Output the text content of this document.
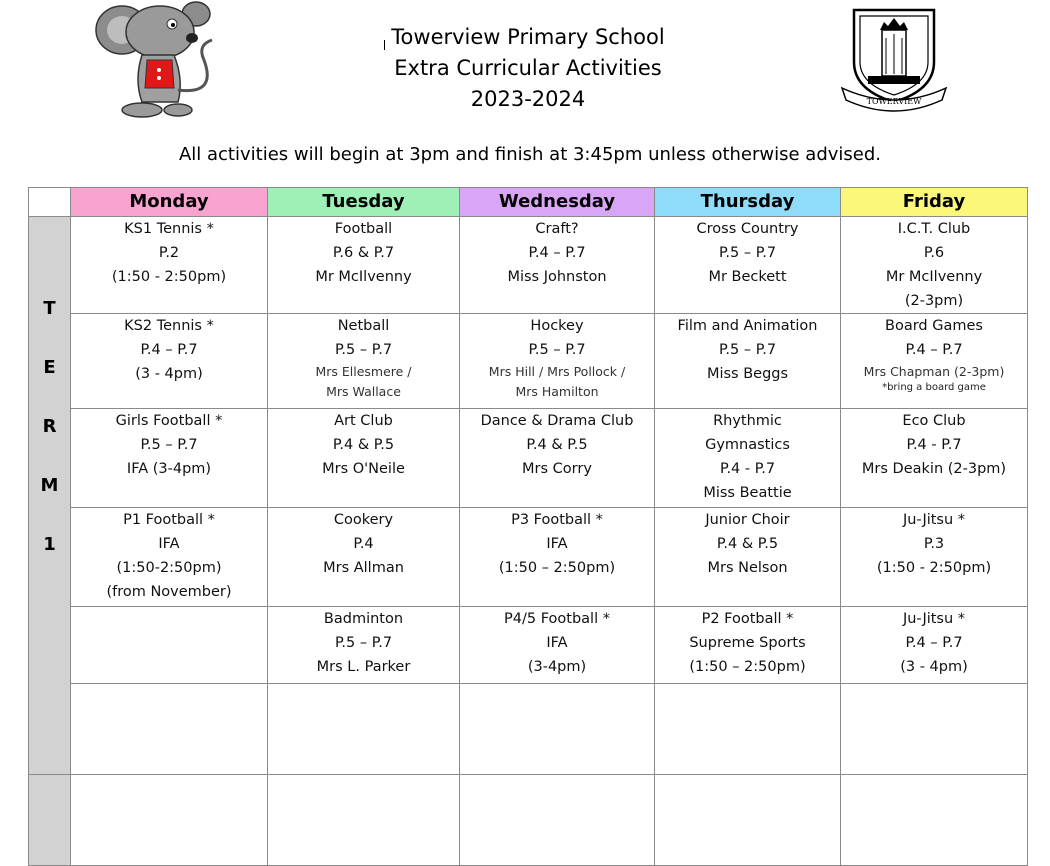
Towerview Primary School
Extra Curricular Activities
2023-2024	TOWERVIEW
All activities will begin at 3pm and finish at 3:45pm unless otherwise advised.
	Monday	Tuesday	Wednesday	Thursday	Friday

T
E
R
M
1	KS1 Tennis *
P.2
(1:50 - 2:50pm)	Football
P.6 & P.7
Mr McIlvenny	Craft?
P.4 – P.7
Miss Johnston	Cross Country
P.5 – P.7
Mr Beckett	I.C.T. Club
P.6
Mr McIlvenny
(2-3pm)

	KS2 Tennis *
P.4 – P.7
(3 - 4pm)	Netball
P.5 – P.7
Mrs Ellesmere /
Mrs Wallace	Hockey
P.5 – P.7
Mrs Hill / Mrs Pollock /
Mrs Hamilton	Film and Animation
P.5 – P.7
Miss Beggs	Board Games
P.4 – P.7
Mrs Chapman (2-3pm)
*bring a board game

	Girls Football *
P.5 – P.7
IFA (3-4pm)	Art Club
P.4 & P.5
Mrs O'Neile	Dance & Drama Club
P.4 & P.5
Mrs Corry	Rhythmic
Gymnastics
P.4 - P.7
Miss Beattie	Eco Club
P.4 - P.7
Mrs Deakin (2-3pm)

	P1 Football *
IFA
(1:50-2:50pm)
(from November)	Cookery
P.4
Mrs Allman	P3 Football *
IFA
(1:50 – 2:50pm)	Junior Choir
P.4 & P.5
Mrs Nelson	Ju-Jitsu *
P.3
(1:50 - 2:50pm)

		Badminton
P.5 – P.7
Mrs L. Parker	P4/5 Football *
IFA
(3-4pm)	P2 Football *
Supreme Sports
(1:50 – 2:50pm)	Ju-Jitsu *
P.4 – P.7
(3 - 4pm)
